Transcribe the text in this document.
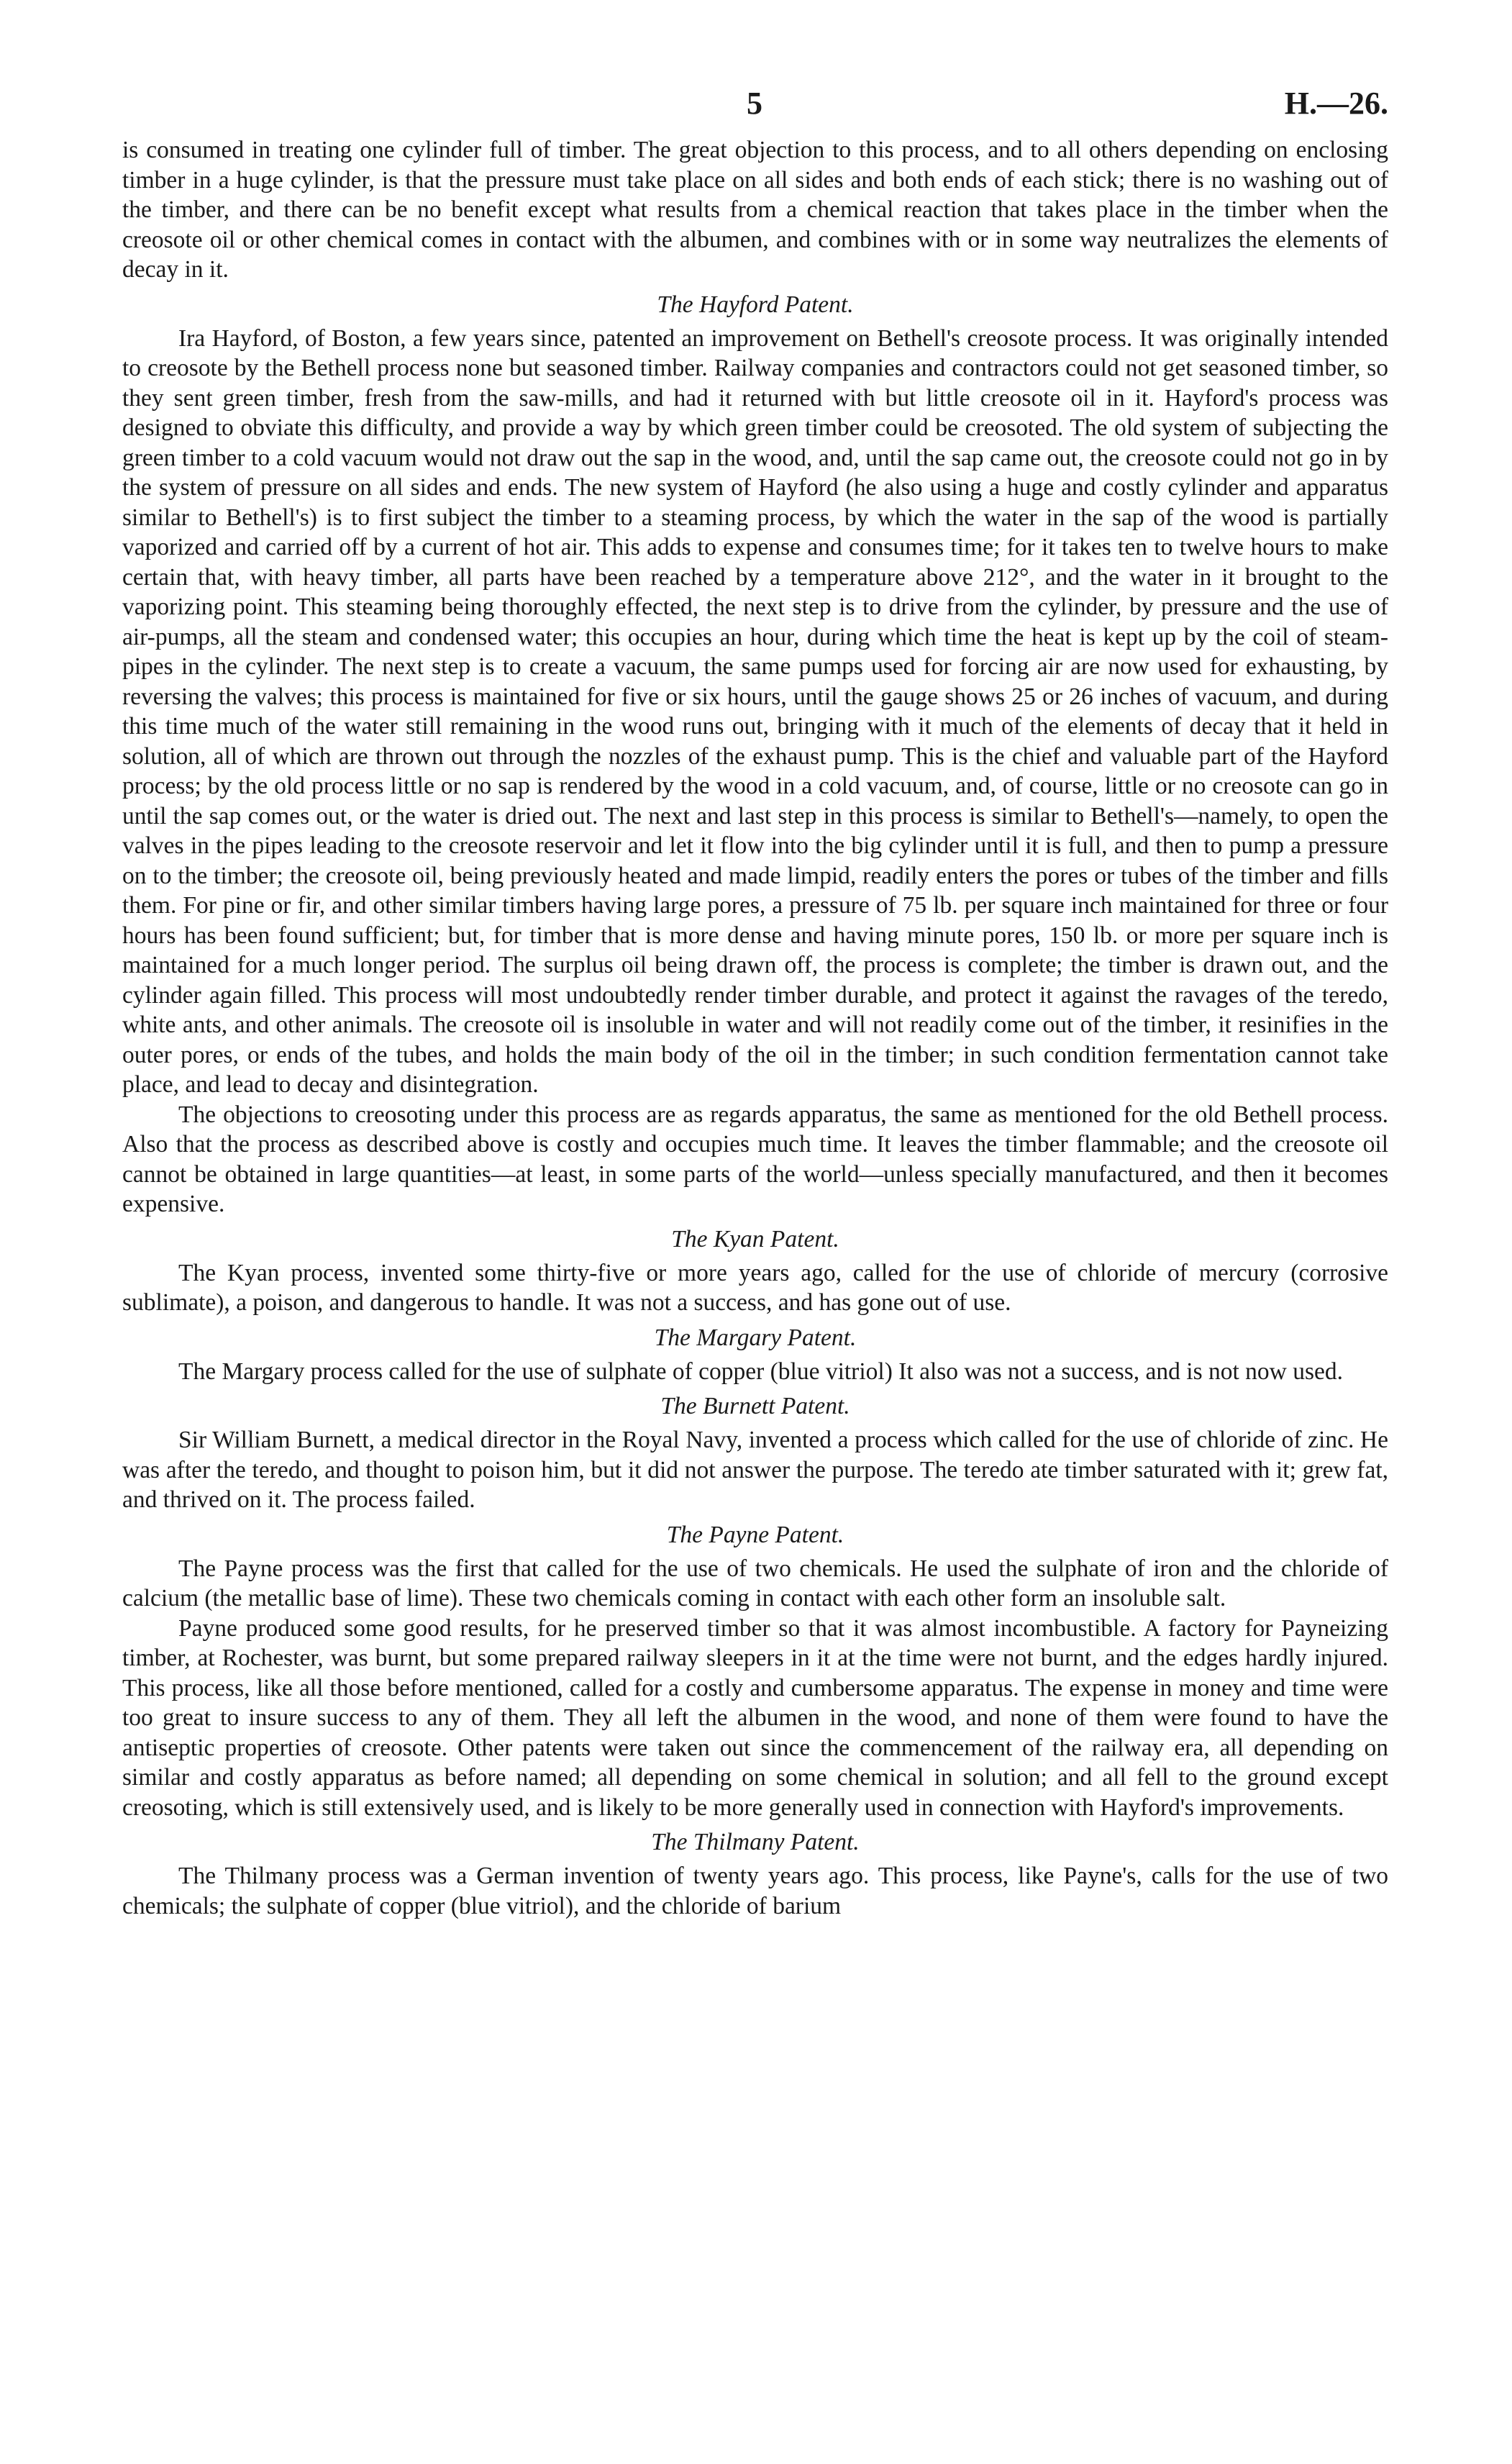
5	H.—26.

is consumed in treating one cylinder full of timber. The great objection to this process, and to all others depending on enclosing timber in a huge cylinder, is that the pressure must take place on all sides and both ends of each stick; there is no washing out of the timber, and there can be no benefit except what results from a chemical reaction that takes place in the timber when the creosote oil or other chemical comes in contact with the albumen, and combines with or in some way neutralizes the elements of decay in it.

The Hayford Patent.

Ira Hayford, of Boston, a few years since, patented an improvement on Bethell's creosote process. It was originally intended to creosote by the Bethell process none but seasoned timber. Railway companies and contractors could not get seasoned timber, so they sent green timber, fresh from the saw-mills, and had it returned with but little creosote oil in it. Hayford's process was designed to obviate this difficulty, and provide a way by which green timber could be creosoted. The old system of subjecting the green timber to a cold vacuum would not draw out the sap in the wood, and, until the sap came out, the creosote could not go in by the system of pressure on all sides and ends. The new system of Hayford (he also using a huge and costly cylinder and apparatus similar to Bethell's) is to first subject the timber to a steaming process, by which the water in the sap of the wood is partially vaporized and carried off by a current of hot air. This adds to expense and consumes time; for it takes ten to twelve hours to make certain that, with heavy timber, all parts have been reached by a temperature above 212°, and the water in it brought to the vaporizing point. This steaming being thoroughly effected, the next step is to drive from the cylinder, by pressure and the use of air-pumps, all the steam and condensed water; this occupies an hour, during which time the heat is kept up by the coil of steam-pipes in the cylinder. The next step is to create a vacuum, the same pumps used for forcing air are now used for exhausting, by reversing the valves; this process is maintained for five or six hours, until the gauge shows 25 or 26 inches of vacuum, and during this time much of the water still remaining in the wood runs out, bringing with it much of the elements of decay that it held in solution, all of which are thrown out through the nozzles of the exhaust pump. This is the chief and valuable part of the Hayford process; by the old process little or no sap is rendered by the wood in a cold vacuum, and, of course, little or no creosote can go in until the sap comes out, or the water is dried out. The next and last step in this process is similar to Bethell's—namely, to open the valves in the pipes leading to the creosote reservoir and let it flow into the big cylinder until it is full, and then to pump a pressure on to the timber; the creosote oil, being previously heated and made limpid, readily enters the pores or tubes of the timber and fills them. For pine or fir, and other similar timbers having large pores, a pressure of 75 lb. per square inch maintained for three or four hours has been found sufficient; but, for timber that is more dense and having minute pores, 150 lb. or more per square inch is maintained for a much longer period. The surplus oil being drawn off, the process is complete; the timber is drawn out, and the cylinder again filled. This process will most undoubtedly render timber durable, and protect it against the ravages of the teredo, white ants, and other animals. The creosote oil is insoluble in water and will not readily come out of the timber, it resinifies in the outer pores, or ends of the tubes, and holds the main body of the oil in the timber; in such condition fermentation cannot take place, and lead to decay and disintegration.

The objections to creosoting under this process are as regards apparatus, the same as mentioned for the old Bethell process. Also that the process as described above is costly and occupies much time. It leaves the timber flammable; and the creosote oil cannot be obtained in large quantities—at least, in some parts of the world—unless specially manufactured, and then it becomes expensive.

The Kyan Patent.

The Kyan process, invented some thirty-five or more years ago, called for the use of chloride of mercury (corrosive sublimate), a poison, and dangerous to handle. It was not a success, and has gone out of use.

The Margary Patent.

The Margary process called for the use of sulphate of copper (blue vitriol) It also was not a success, and is not now used.

The Burnett Patent.

Sir William Burnett, a medical director in the Royal Navy, invented a process which called for the use of chloride of zinc. He was after the teredo, and thought to poison him, but it did not answer the purpose. The teredo ate timber saturated with it; grew fat, and thrived on it. The process failed.

The Payne Patent.

The Payne process was the first that called for the use of two chemicals. He used the sulphate of iron and the chloride of calcium (the metallic base of lime). These two chemicals coming in contact with each other form an insoluble salt.

Payne produced some good results, for he preserved timber so that it was almost incombustible. A factory for Payneizing timber, at Rochester, was burnt, but some prepared railway sleepers in it at the time were not burnt, and the edges hardly injured. This process, like all those before mentioned, called for a costly and cumbersome apparatus. The expense in money and time were too great to insure success to any of them. They all left the albumen in the wood, and none of them were found to have the antiseptic properties of creosote. Other patents were taken out since the commencement of the railway era, all depending on similar and costly apparatus as before named; all depending on some chemical in solution; and all fell to the ground except creosoting, which is still extensively used, and is likely to be more generally used in connection with Hayford's improvements.

The Thilmany Patent.

The Thilmany process was a German invention of twenty years ago. This process, like Payne's, calls for the use of two chemicals; the sulphate of copper (blue vitriol), and the chloride of barium
